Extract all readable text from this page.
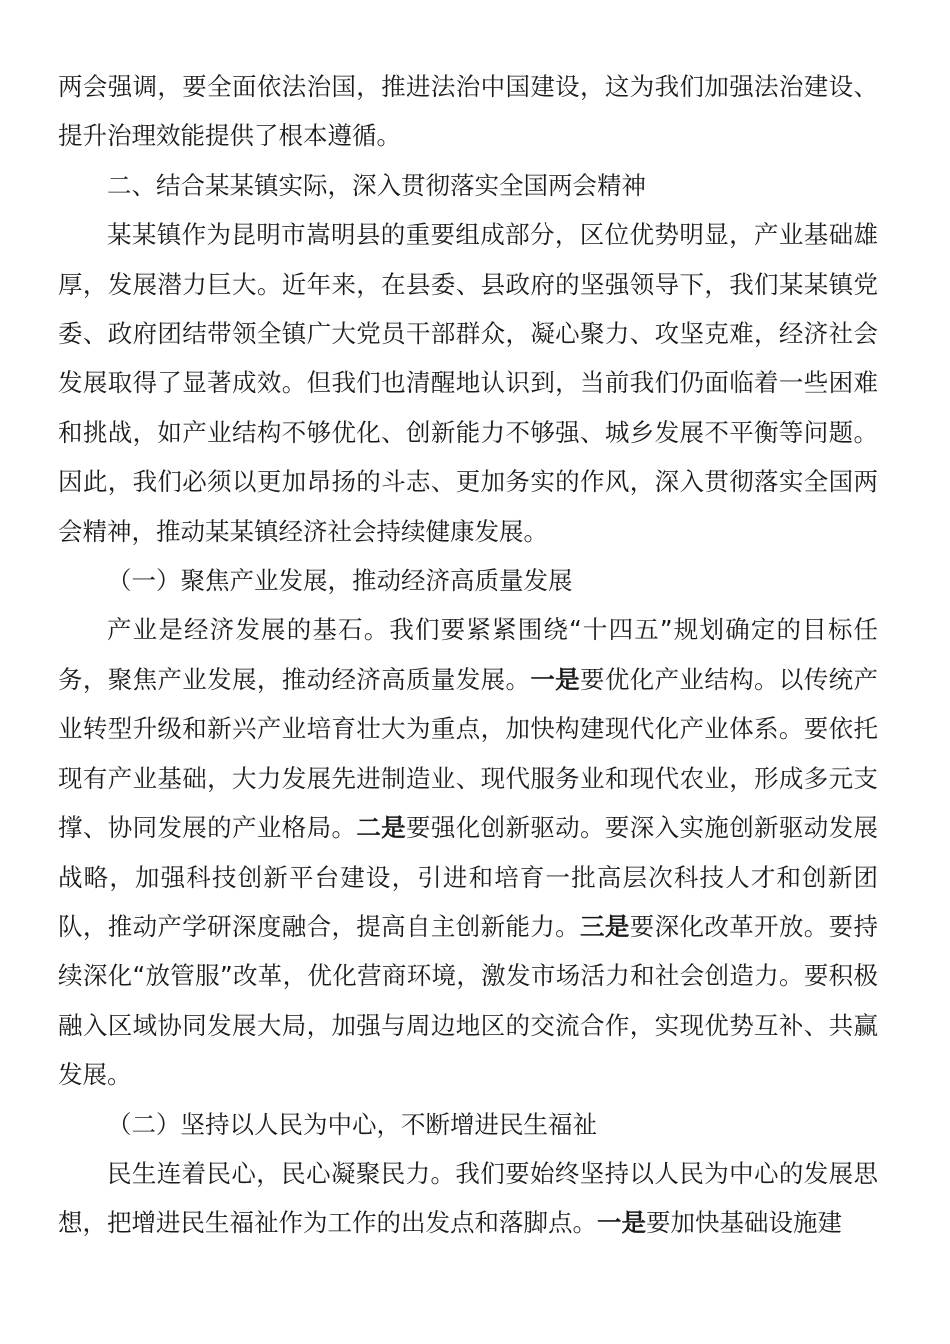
两会强调，要全面依法治国，推进法治中国建设，这为我们加强法治建设、提升治理效能提供了根本遵循。

二、结合某某镇实际，深入贯彻落实全国两会精神

某某镇作为昆明市嵩明县的重要组成部分，区位优势明显，产业基础雄厚，发展潜力巨大。近年来，在县委、县政府的坚强领导下，我们某某镇党委、政府团结带领全镇广大党员干部群众，凝心聚力、攻坚克难，经济社会发展取得了显著成效。但我们也清醒地认识到，当前我们仍面临着一些困难和挑战，如产业结构不够优化、创新能力不够强、城乡发展不平衡等问题。因此，我们必须以更加昂扬的斗志、更加务实的作风，深入贯彻落实全国两会精神，推动某某镇经济社会持续健康发展。

（一）聚焦产业发展，推动经济高质量发展

产业是经济发展的基石。我们要紧紧围绕“十四五”规划确定的目标任务，聚焦产业发展，推动经济高质量发展。一是要优化产业结构。以传统产业转型升级和新兴产业培育壮大为重点，加快构建现代化产业体系。要依托现有产业基础，大力发展先进制造业、现代服务业和现代农业，形成多元支撑、协同发展的产业格局。二是要强化创新驱动。要深入实施创新驱动发展战略，加强科技创新平台建设，引进和培育一批高层次科技人才和创新团队，推动产学研深度融合，提高自主创新能力。三是要深化改革开放。要持续深化“放管服”改革，优化营商环境，激发市场活力和社会创造力。要积极融入区域协同发展大局，加强与周边地区的交流合作，实现优势互补、共赢发展。

（二）坚持以人民为中心，不断增进民生福祉

民生连着民心，民心凝聚民力。我们要始终坚持以人民为中心的发展思想，把增进民生福祉作为工作的出发点和落脚点。一是要加快基础设施建
